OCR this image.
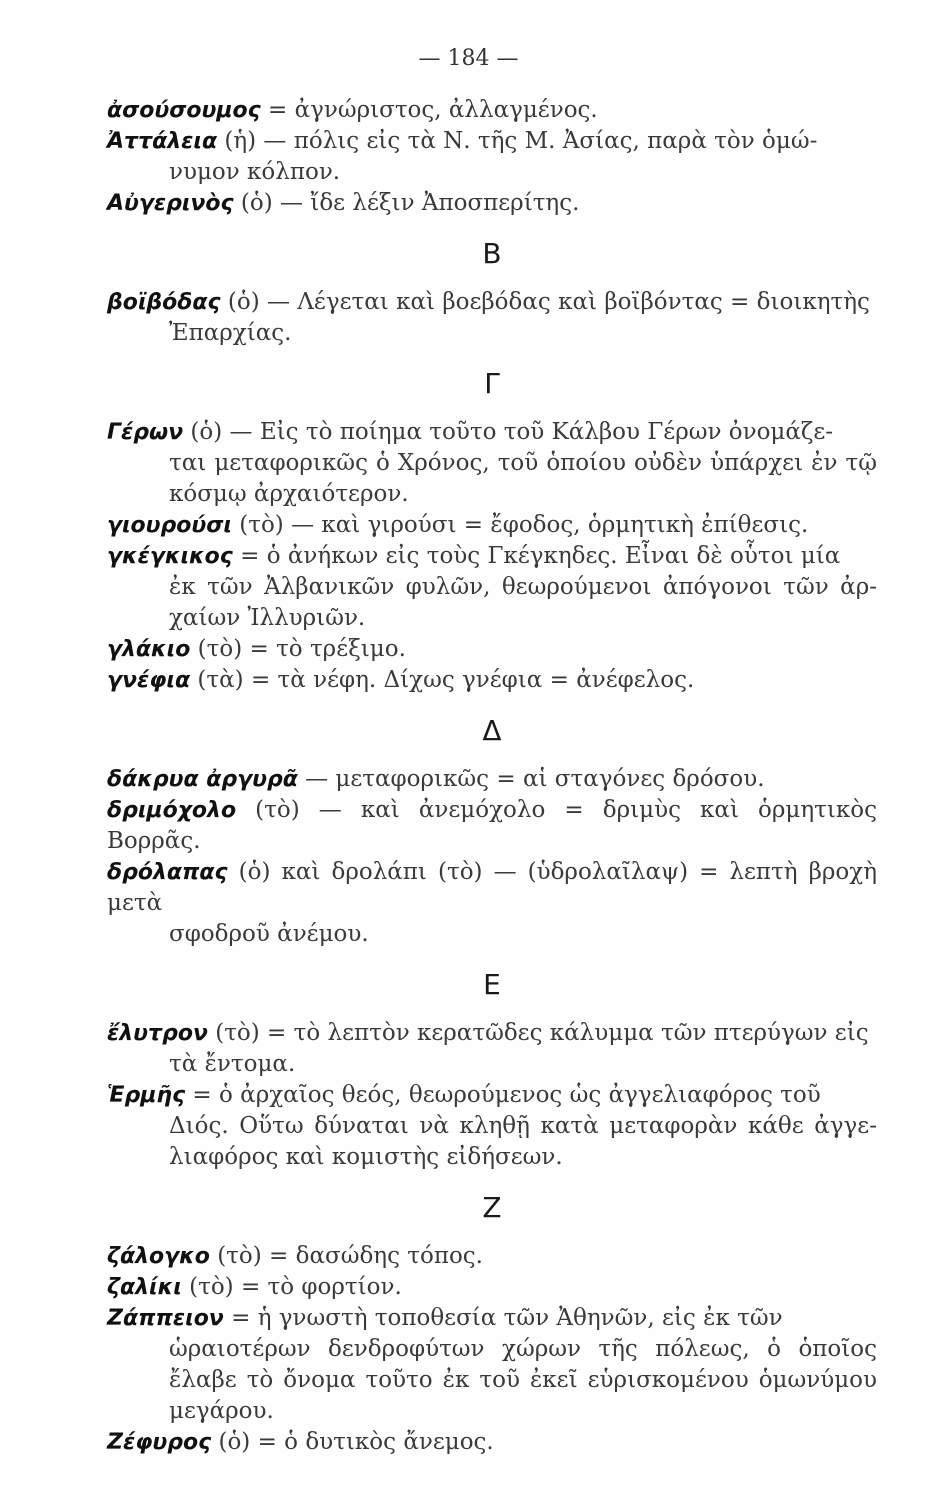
— 184 —

ἀσούσουμος = ἀγνώριστος, ἀλλαγμένος.

Ἀττάλεια (ἡ) — πόλις εἰς τὰ Ν. τῆς Μ. Ἀσίας, παρὰ τὸν ὁμώ-
νυμον κόλπον.

Αὐγερινὸς (ὁ) — ἴδε λέξιν Ἀποσπερίτης.

Β

βοϊβόδας (ὁ) — Λέγεται καὶ βοεβόδας καὶ βοϊβόντας = διοικητὴς
Ἐπαρχίας.

Γ

Γέρων (ὁ) — Εἰς τὸ ποίημα τοῦτο τοῦ Κάλβου Γέρων ὀνομάζε-
ται μεταφορικῶς ὁ Χρόνος, τοῦ ὁποίου οὐδὲν ὑπάρχει ἐν τῷ κόσμῳ ἀρχαιότερον.

γιουρούσι (τὸ) — καὶ γιρούσι = ἔφοδος, ὁρμητικὴ ἐπίθεσις.

γκέγκικος = ὁ ἀνήκων εἰς τοὺς Γκέγκηδες. Εἶναι δὲ οὗτοι μία
ἐκ τῶν Ἀλβανικῶν φυλῶν, θεωρούμενοι ἀπόγονοι τῶν ἀρ-χαίων Ἰλλυριῶν.

γλάκιο (τὸ) = τὸ τρέξιμο.

γνέφια (τὰ) = τὰ νέφη. Δίχως γνέφια = ἀνέφελος.

Δ

δάκρυα ἀργυρᾶ — μεταφορικῶς = αἱ σταγόνες δρόσου.

δριμόχολο (τὸ) — καὶ ἀνεμόχολο = δριμὺς καὶ ὁρμητικὸς Βορρᾶς.

δρόλαπας (ὁ) καὶ δρολάπι (τὸ) — (ὑδρολαῖλαψ) = λεπτὴ βροχὴ μετὰ
σφοδροῦ ἀνέμου.

Ε

ἔλυτρον (τὸ) = τὸ λεπτὸν κερατῶδες κάλυμμα τῶν πτερύγων εἰς
τὰ ἔντομα.

Ἑρμῆς = ὁ ἀρχαῖος θεός, θεωρούμενος ὡς ἀγγελιαφόρος τοῦ
Διός. Οὕτω δύναται νὰ κληθῇ κατὰ μεταφορὰν κάθε ἀγγε-λιαφόρος καὶ κομιστὴς εἰδήσεων.

Ζ

ζάλογκο (τὸ) = δασώδης τόπος.

ζαλίκι (τὸ) = τὸ φορτίον.

Ζάππειον = ἡ γνωστὴ τοποθεσία τῶν Ἀθηνῶν, εἰς ἐκ τῶν
ὡραιοτέρων δενδροφύτων χώρων τῆς πόλεως, ὁ ὁποῖος ἔλαβε τὸ ὄνομα τοῦτο ἐκ τοῦ ἐκεῖ εὑρισκομένου ὁμωνύμου μεγάρου.

Ζέφυρος (ὁ) = ὁ δυτικὸς ἄνεμος.
